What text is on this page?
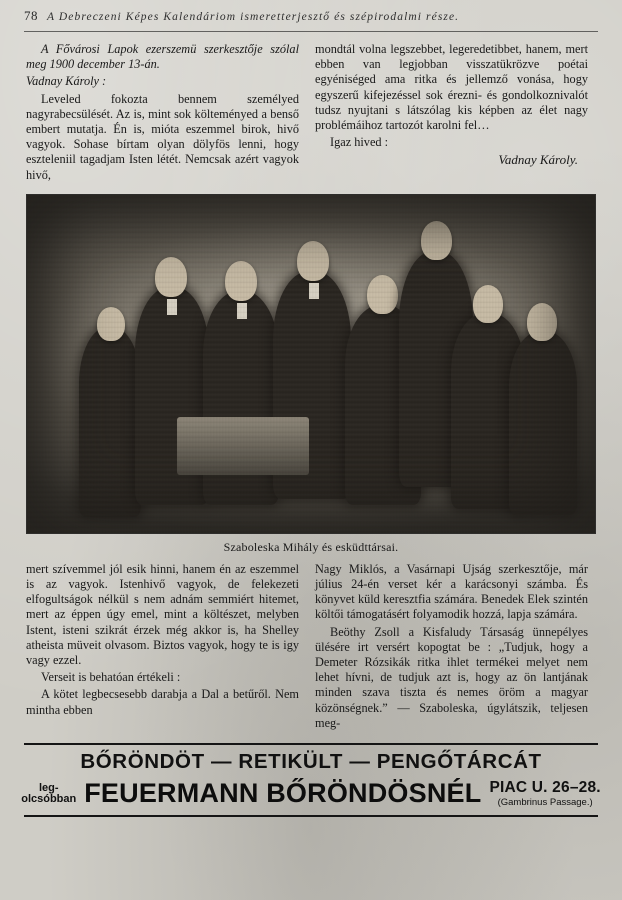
78 A Debreczeni Képes Kalendáriom ismeretterjesztő és szépirodalmi része.

A Fővárosi Lapok ezerszemü szerkesztője szólal meg 1900 december 13-án.

Vadnay Károly :

Leveled fokozta bennem személyed nagyrabecsülését. Az is, mint sok költeményed a benső embert mutatja. Én is, mióta eszemmel birok, hivő vagyok. Sohase bírtam olyan dölyfös lenni, hogy eszteleniil tagadjam Isten létét. Nemcsak azért vagyok hivő,

mondtál volna legszebbet, legeredetibbet, hanem, mert ebben van legjobban visszatükrözve poétai egyéniséged ama ritka és jellemző vonása, hogy egyszerű kifejezéssel sok érezni- és gondolkoznivalót tudsz nyujtani s látszólag kis képben az élet nagy problémáihoz tartozót karolni fel…

Igaz hived :

Vadnay Károly.

Szaboleska Mihály és esküdttársai.

mert szívemmel jól esik hinni, hanem én az eszemmel is az vagyok. Istenhivő vagyok, de felekezeti elfogultságok nélkül s nem adnám semmiért hitemet, mert az éppen úgy emel, mint a költészet, melyben Istent, isteni szikrát érzek még akkor is, ha Shelley atheista müveit olvasom. Biztos vagyok, hogy te is igy vagy ezzel.

Verseit is behatóan értékeli :

A kötet legbecsesebb darabja a Dal a betűről. Nem mintha ebben

Nagy Miklós, a Vasárnapi Ujság szerkesztője, már július 24-én verset kér a karácsonyi számba. És könyvet küld keresztfia számára. Benedek Elek szintén költői támogatásért folyamodik hozzá, lapja számára.

Beöthy Zsoll a Kisfaludy Társaság ünnepélyes ülésére irt versért kopogtat be : „Tudjuk, hogy a Demeter Rózsikák ritka ihlet termékei melyet nem lehet hívni, de tudjuk azt is, hogy az ön lantjának minden szava tiszta és nemes öröm a magyar közönségnek.” — Szaboleska, úgylátszik, teljesen meg-

BŐRÖNDÖT — RETIKÜLT — PENGŐTÁRCÁT
leg-
olcsóbban FEUERMANN BŐRÖNDÖSNÉL PIAC U. 26–28.
(Gambrinus Passage.)
